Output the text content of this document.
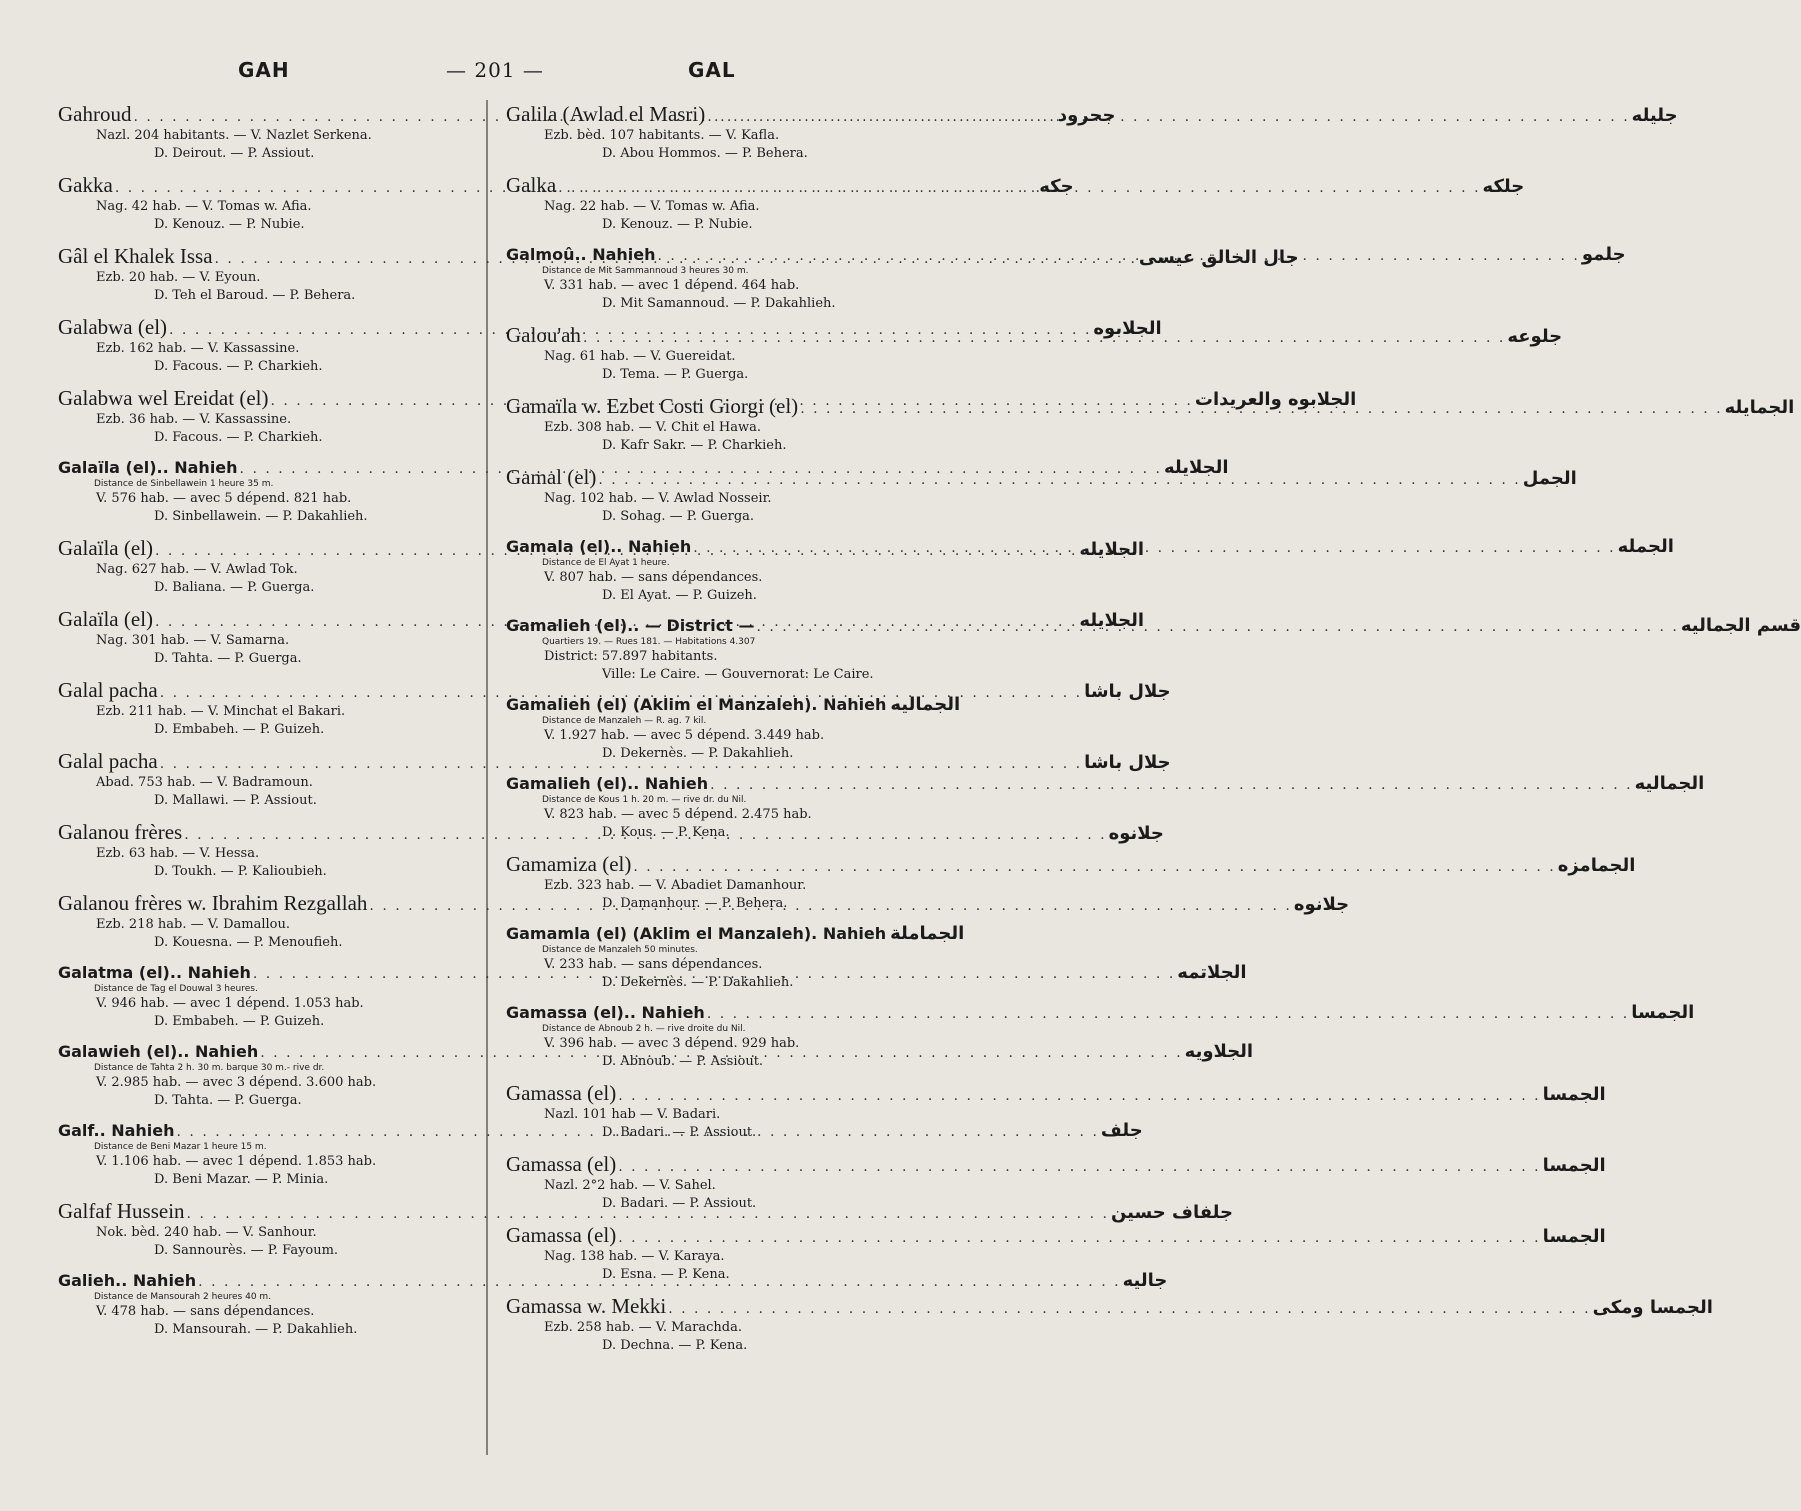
GAH	— 201 —	GAL
Gahroud . . .	جحرود
Nazl. 204 habitants. — V. Nazlet Serkena.
D. Deirout. — P. Assiout.
Gakka . . .	جكه
Nag. 42 hab. — V. Tomas w. Afia.
D. Kenouz. — P. Nubie.
Gâl el Khalek Issa . . .	جال الخالق عيسى
Ezb. 20 hab. — V. Eyoun.
D. Teh el Baroud. — P. Behera.
Galabwa (el) . . .	الجلابوه
Ezb. 162 hab. — V. Kassassine.
D. Facous. — P. Charkieh.
Galabwa wel Ereidat (el) . . .	الجلابوه والعريدات
Ezb. 36 hab. — V. Kassassine.
D. Facous. — P. Charkieh.
Galaïla (el).. Nahieh . . .	الجلايله
Distance de Sinbellawein 1 heure 35 m.
V. 576 hab. — avec 5 dépend. 821 hab.
D. Sinbellawein. — P. Dakahlieh.
Galaïla (el) . . .	الجلايله
Nag. 627 hab. — V. Awlad Tok.
D. Baliana. — P. Guerga.
Galaïla (el) . . .	الجلايله
Nag. 301 hab. — V. Samarna.
D. Tahta. — P. Guerga.
Galal pacha . . .	جلال باشا
Ezb. 211 hab. — V. Minchat el Bakari.
D. Embabeh. — P. Guizeh.
Galal pacha . . .	جلال باشا
Abad. 753 hab. — V. Badramoun.
D. Mallawi. — P. Assiout.
Galanou frères . . .	جلانوه
Ezb. 63 hab. — V. Hessa.
D. Toukh. — P. Kalioubieh.
Galanou frères w. Ibrahim Rezgallah . . .	جلانوه
Ezb. 218 hab. — V. Damallou.
D. Kouesna. — P. Menoufieh.
Galatma (el).. Nahieh . . .	الجلاتمه
Distance de Tag el Douwal 3 heures.
V. 946 hab. — avec 1 dépend. 1.053 hab.
D. Embabeh. — P. Guizeh.
Galawieh (el).. Nahieh . . .	الجلاويه
Distance de Tahta 2 h. 30 m. barque 30 m.- rive dr.
V. 2.985 hab. — avec 3 dépend. 3.600 hab.
D. Tahta. — P. Guerga.
Galf.. Nahieh . . .	جلف
Distance de Beni Mazar 1 heure 15 m.
V. 1.106 hab. — avec 1 dépend. 1.853 hab.
D. Beni Mazar. — P. Minia.
Galfaf Hussein . . .	جلفاف حسين
Nok. bèd. 240 hab. — V. Sanhour.
D. Sannourès. — P. Fayoum.
Galieh.. Nahieh . . .	جاليه
Distance de Mansourah 2 heures 40 m.
V. 478 hab. — sans dépendances.
D. Mansourah. — P. Dakahlieh.
Galila (Awlad el Masri) . . .	جليله
Ezb. bèd. 107 habitants. — V. Kafla.
D. Abou Hommos. — P. Behera.
Galka . . .	جلكه
Nag. 22 hab. — V. Tomas w. Afia.
D. Kenouz. — P. Nubie.
Galmoû.. Nahieh . . .	جلمو
Distance de Mit Sammannoud 3 heures 30 m.
V. 331 hab. — avec 1 dépend. 464 hab.
D. Mit Samannoud. — P. Dakahlieh.
Galou'ah . . .	جلوعه
Nag. 61 hab. — V. Guereidat.
D. Tema. — P. Guerga.
Gamaïla w. Ezbet Costi Giorgi (el) . . .	الجمايله
Ezb. 308 hab. — V. Chit el Hawa.
D. Kafr Sakr. — P. Charkieh.
Gamal (el) . . .	الجمل
Nag. 102 hab. — V. Awlad Nosseir.
D. Sohag. — P. Guerga.
Gamala (el).. Nahieh . . .	الجمله
Distance de El Ayat 1 heure.
V. 807 hab. — sans dépendances.
D. El Ayat. — P. Guizeh.
Gamalieh (el).. — District — . . .	قسم الجماليه
Quartiers 19. — Rues 181. — Habitations 4.307
District: 57.897 habitants.
Ville: Le Caire. — Gouvernorat: Le Caire.
Gamalieh (el) (Aklim el Manzaleh). Nahieh الجماليه
Distance de Manzaleh — R. ag. 7 kil.
V. 1.927 hab. — avec 5 dépend. 3.449 hab.
D. Dekernès. — P. Dakahlieh.
Gamalieh (el).. Nahieh . . .	الجماليه
Distance de Kous 1 h. 20 m. — rive dr. du Nil.
V. 823 hab. — avec 5 dépend. 2.475 hab.
D. Kous. — P. Kena.
Gamamiza (el) . . .	الجمامزه
Ezb. 323 hab. — V. Abadiet Damanhour.
D. Damanhour. — P. Behera.
Gamamla (el) (Aklim el Manzaleh). Nahieh الجماملة
Distance de Manzaleh 50 minutes.
V. 233 hab. — sans dépendances.
D. Dekernès. — P. Dakahlieh.
Gamassa (el).. Nahieh . . .	الجمسا
Distance de Abnoub 2 h. — rive droite du Nil.
V. 396 hab. — avec 3 dépend. 929 hab.
D. Abnoub. — P. Assiout.
Gamassa (el) . . .	الجمسا
Nazl. 101 hab — V. Badari.
D. Badari. — P. Assiout.
Gamassa (el) . . .	الجمسا
Nazl. 2°2 hab. — V. Sahel.
D. Badari. — P. Assiout.
Gamassa (el) . . .	الجمسا
Nag. 138 hab. — V. Karaya.
D. Esna. — P. Kena.
Gamassa w. Mekki . . .	الجمسا ومكى
Ezb. 258 hab. — V. Marachda.
D. Dechna. — P. Kena.
